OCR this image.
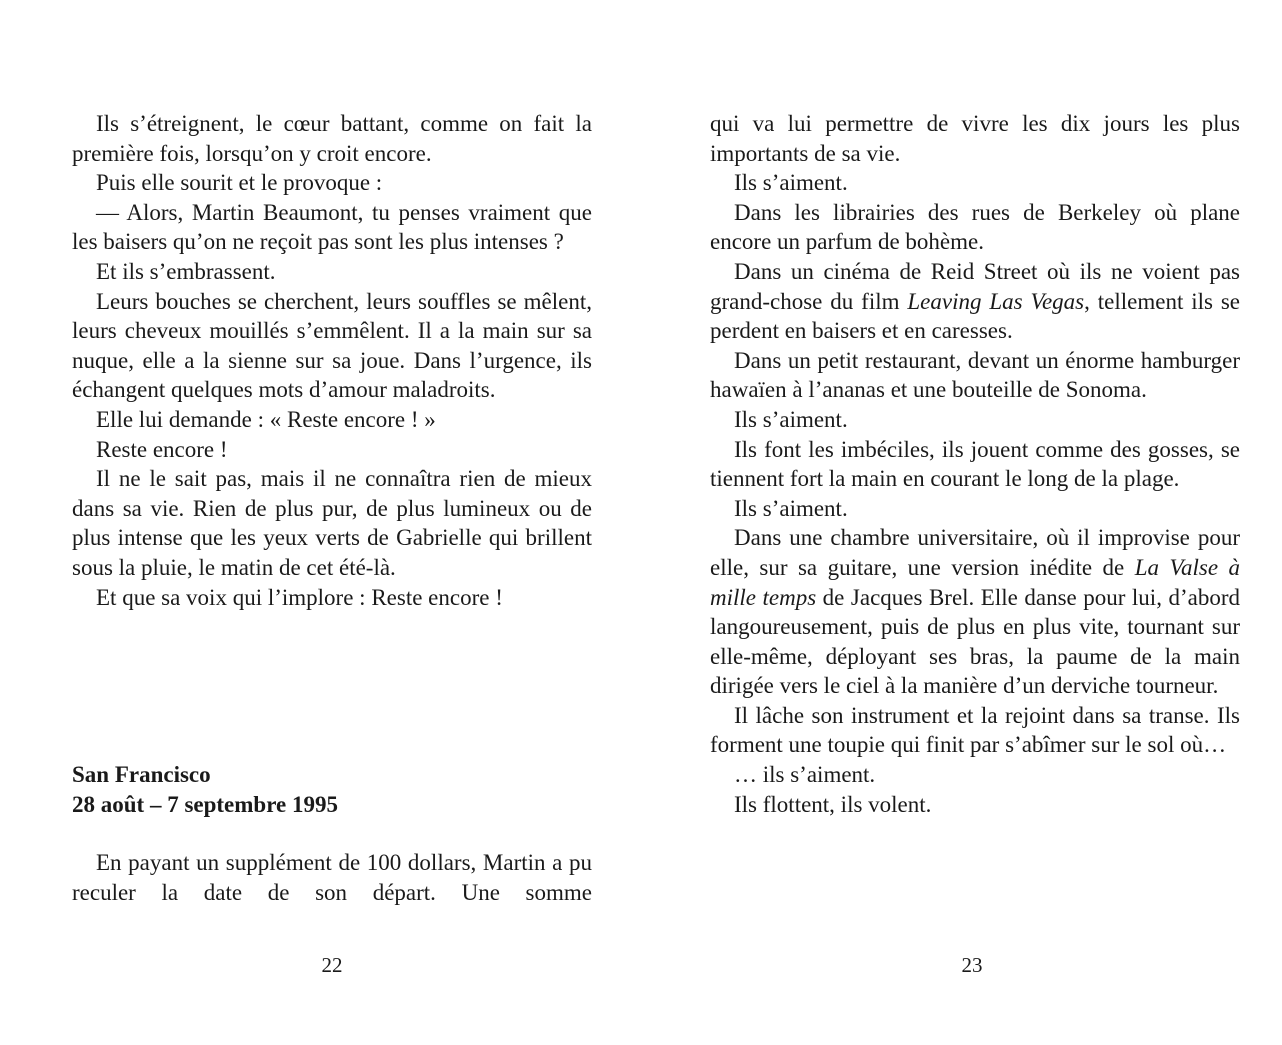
Ils s’étreignent, le cœur battant, comme on fait la première fois, lorsqu’on y croit encore.

Puis elle sourit et le provoque :

— Alors, Martin Beaumont, tu penses vraiment que les baisers qu’on ne reçoit pas sont les plus intenses ?

Et ils s’embrassent.

Leurs bouches se cherchent, leurs souffles se mêlent, leurs cheveux mouillés s’emmêlent. Il a la main sur sa nuque, elle a la sienne sur sa joue. Dans l’urgence, ils échangent quelques mots d’amour maladroits.

Elle lui demande : « Reste encore ! »

Reste encore !

Il ne le sait pas, mais il ne connaîtra rien de mieux dans sa vie. Rien de plus pur, de plus lumineux ou de plus intense que les yeux verts de Gabrielle qui brillent sous la pluie, le matin de cet été-là.

Et que sa voix qui l’implore : Reste encore !

San Francisco
28 août – 7 septembre 1995

En payant un supplément de 100 dollars, Martin a pu reculer la date de son départ. Une somme

22

qui va lui permettre de vivre les dix jours les plus importants de sa vie.

Ils s’aiment.

Dans les librairies des rues de Berkeley où plane encore un parfum de bohème.

Dans un cinéma de Reid Street où ils ne voient pas grand-chose du film Leaving Las Vegas, tellement ils se perdent en baisers et en caresses.

Dans un petit restaurant, devant un énorme hamburger hawaïen à l’ananas et une bouteille de Sonoma.

Ils s’aiment.

Ils font les imbéciles, ils jouent comme des gosses, se tiennent fort la main en courant le long de la plage.

Ils s’aiment.

Dans une chambre universitaire, où il improvise pour elle, sur sa guitare, une version inédite de La Valse à mille temps de Jacques Brel. Elle danse pour lui, d’abord langoureusement, puis de plus en plus vite, tournant sur elle-même, déployant ses bras, la paume de la main dirigée vers le ciel à la manière d’un derviche tourneur.

Il lâche son instrument et la rejoint dans sa transe. Ils forment une toupie qui finit par s’abîmer sur le sol où…

… ils s’aiment.

Ils flottent, ils volent.

23
